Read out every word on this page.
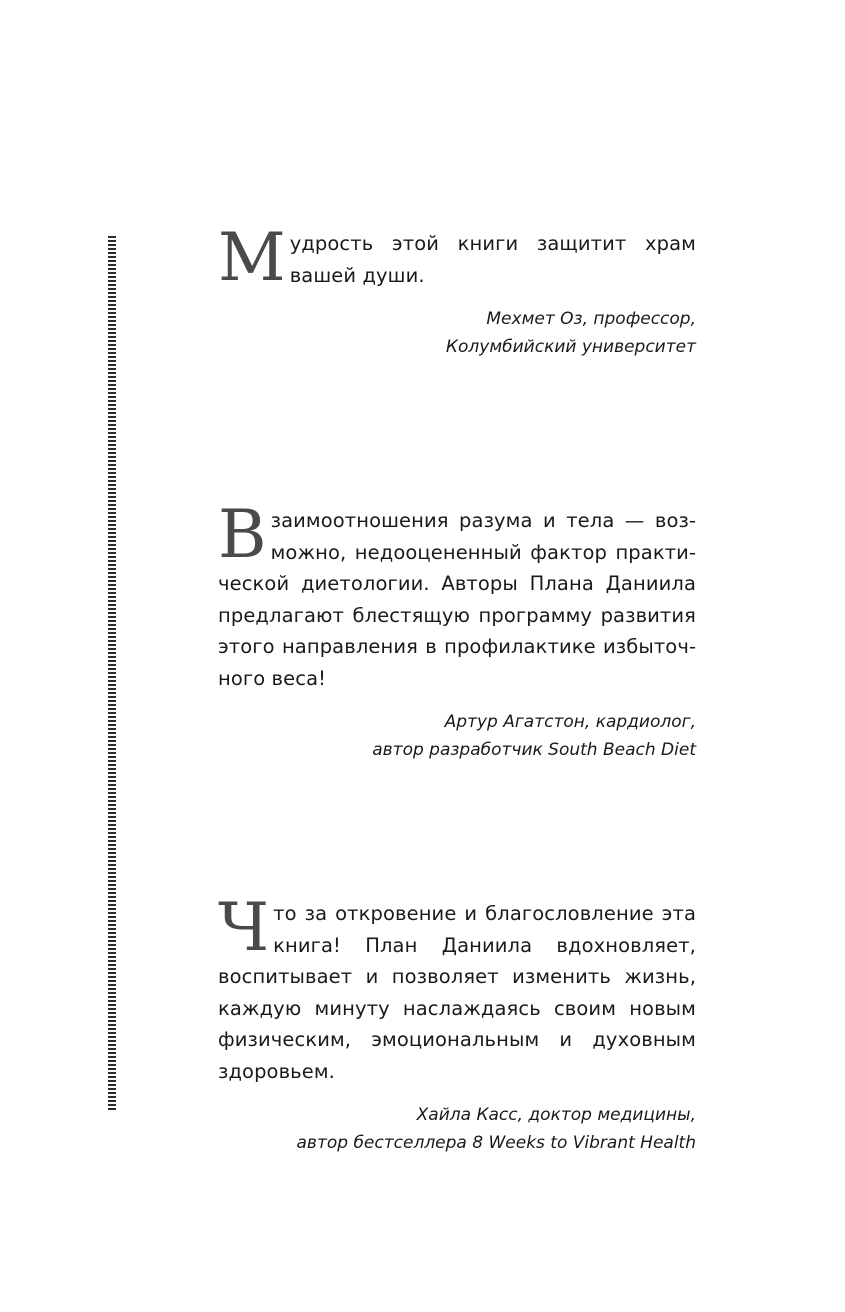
Мудрость этой книги защитит храм вашей души.

Мехмет Оз, профессор,
Колумбийский университет

Взаимоотношения разума и тела — возможно, недооцененный фактор практической диетологии. Авторы Плана Даниила предлагают блестящую программу развития этого направления в профилактике избыточного веса!

Артур Агатстон, кардиолог,
автор разработчик South Beach Diet

Что за откровение и благословление эта книга! План Даниила вдохновляет, воспитывает и позволяет изменить жизнь, каждую минуту наслаждаясь своим новым физическим, эмоциональным и духовным здоровьем.

Хайла Касс, доктор медицины,
автор бестселлера 8 Weeks to Vibrant Health
